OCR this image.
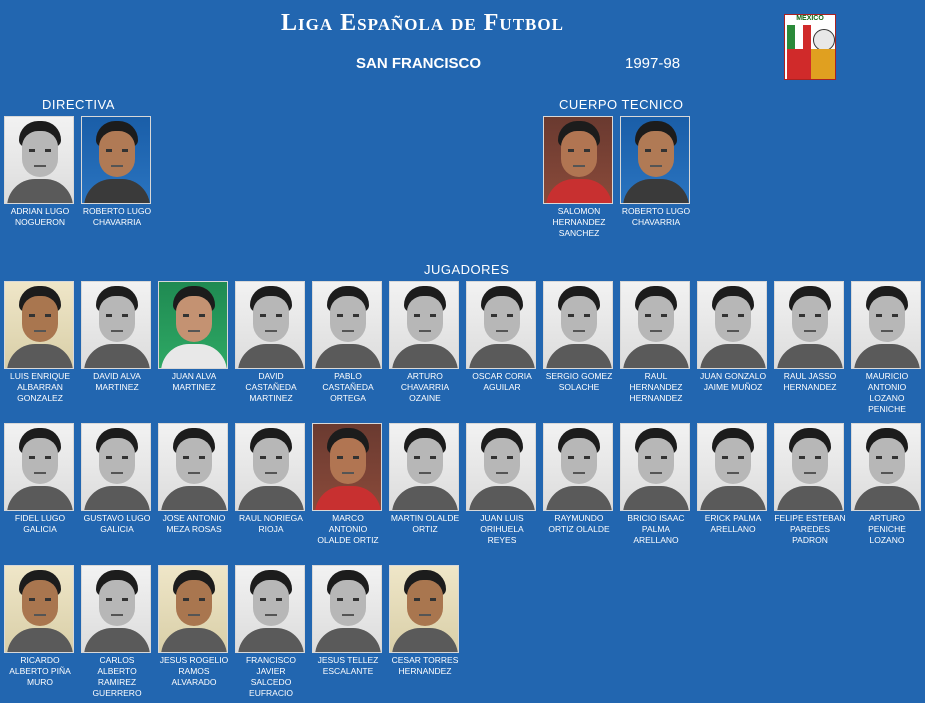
Liga Española de Futbol
SAN FRANCISCO	1997-98
MEXICO
DIRECTIVA	CUERPO TECNICO
JUGADORES
ADRIAN LUGO NOGUERON
ROBERTO LUGO CHAVARRIA
SALOMON HERNANDEZ SANCHEZ
ROBERTO LUGO CHAVARRIA
LUIS ENRIQUE ALBARRAN GONZALEZ
DAVID ALVA MARTINEZ
JUAN ALVA MARTINEZ
DAVID CASTAÑEDA MARTINEZ
PABLO CASTAÑEDA ORTEGA
ARTURO CHAVARRIA OZAINE
OSCAR CORIA AGUILAR
SERGIO GOMEZ SOLACHE
RAUL HERNANDEZ HERNANDEZ
JUAN GONZALO JAIME MUÑOZ
RAUL JASSO HERNANDEZ
MAURICIO ANTONIO LOZANO PENICHE
FIDEL LUGO GALICIA
GUSTAVO LUGO GALICIA
JOSE ANTONIO MEZA ROSAS
RAUL NORIEGA RIOJA
MARCO ANTONIO OLALDE ORTIZ
MARTIN OLALDE ORTIZ
JUAN LUIS ORIHUELA REYES
RAYMUNDO ORTIZ OLALDE
BRICIO ISAAC PALMA ARELLANO
ERICK PALMA ARELLANO
FELIPE ESTEBAN PAREDES PADRON
ARTURO PENICHE LOZANO
RICARDO ALBERTO PIÑA MURO
CARLOS ALBERTO RAMIREZ GUERRERO
JESUS ROGELIO RAMOS ALVARADO
FRANCISCO JAVIER SALCEDO EUFRACIO
JESUS TELLEZ ESCALANTE
CESAR TORRES HERNANDEZ
